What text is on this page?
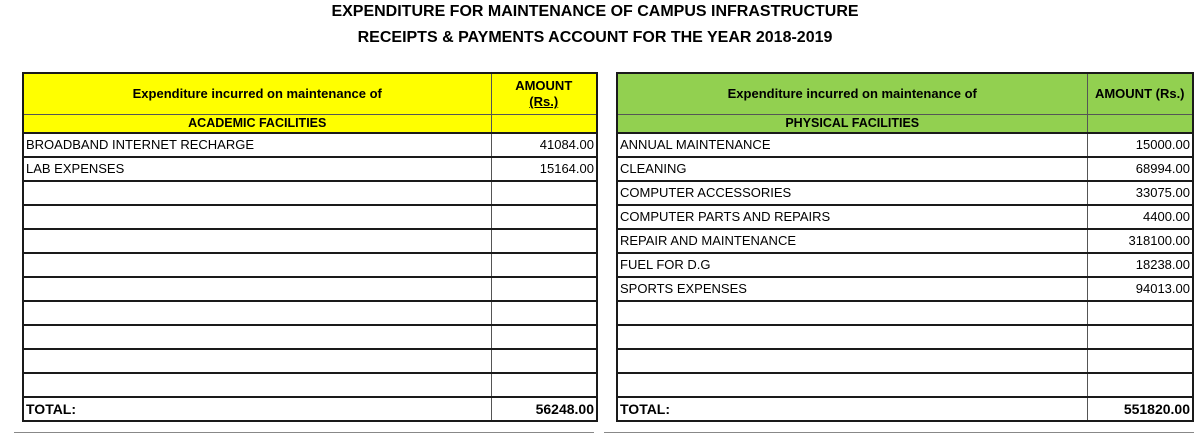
EXPENDITURE FOR MAINTENANCE OF CAMPUS INFRASTRUCTURE
RECEIPTS & PAYMENTS ACCOUNT FOR THE YEAR 2018-2019
Expenditure incurred on maintenance of	AMOUNT
(Rs.)
ACADEMIC FACILITIES	
BROADBAND INTERNET RECHARGE	41084.00
LAB EXPENSES	15164.00

TOTAL:	56248.00
Expenditure incurred on maintenance of	AMOUNT (Rs.)
PHYSICAL FACILITIES	
ANNUAL MAINTENANCE	15000.00
CLEANING	68994.00
COMPUTER ACCESSORIES	33075.00
COMPUTER PARTS AND REPAIRS	4400.00
REPAIR AND MAINTENANCE	318100.00
FUEL FOR D.G	18238.00
SPORTS EXPENSES	94013.00

TOTAL:	551820.00
